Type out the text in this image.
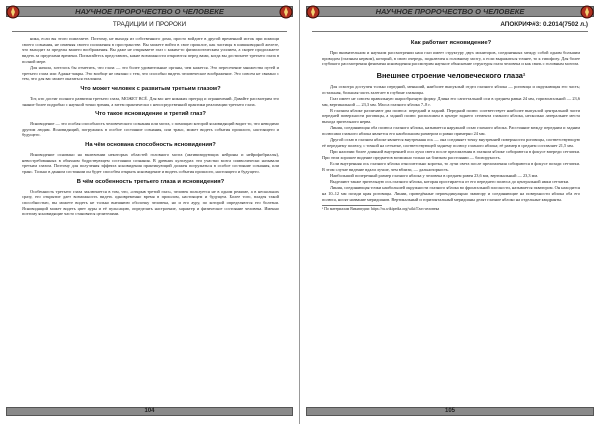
НАУЧНОЕ ПРОРОЧЕСТВО О ЧЕЛОВЕКЕ
ТРАДИЦИИ И ПРОРОКИ

ника, если вы этого пожелаете. Поэтому, не выходя из собственного дома, просто войдите в другой временной исток при помощи своего сознания, не изменяя своего положения в пространстве. Вы можете войти в свое прошлое, как частицы в шишковидной железе, что выходит за пределы вашего воображения. Вы даже не открываете глаз с каким-то физиологическим усилием, а скорее продолжаете видеть за пределами времени. Попытайтесь представить, какие возможности откроются перед вами, когда вы достигнете третьего глаза в полной мере.

Для начала, хотелось бы отметить, что глаза — это более удивительные органы, чем кажется. Это пересечение множества путей и третьего глаза или Аджна-чакры. Это вообще не связано с тем, что способно видеть человеческое воображение. Это совсем не связано с тем, что для вас может оказаться эталоном.

Что может человек с развитым третьим глазом?

Тот, кто достиг полного развития третьего глаза, МОЖЕТ ВСЁ. Для вас нет никаких преград и ограничений. Давайте рассмотрим это знание более подробно с научной точки зрения, а затем практически с непосредственной практики реализации третьего глаза.

Что такое ясновидение и третий глаз?

Ясновидение — это особая способность человеческого сознания или мозга, с помощью которой ясновидящий видит то, что невидимо другим людям. Ясновидящий, погружаясь в особое состояние сознания, или транс, может видеть события прошлого, настоящего и будущего.

На чём основана способность ясновидения?

Ясновидение основано на включении некоторых областей головного мозга (активизирующих нейроны и нейрофибриллы), невостребованных в обычном бодрствующем состоянии сознания. В древних культурах эти участки мозга символически называли третьим глазом. Поэтому для получения эффекта ясновидения практикующий должен погружаться в особое состояние сознания, или транс. Только в данном состоянии он будет способен открыть ясновидение и видеть события прошлого, настоящего и будущего.

В чём особенность третьего глаза и ясновидения?

Особенность третьего глаза заключается в том, что, «открыв третий глаз», человек пользуется не в одном режиме, а в нескольких сразу, его открытие дает возможность видеть одновременно время в прошлом, настоящем и будущем. Более того, владея такой способностью, вы можете видеть не только внешнюю оболочку человека, но и его ауру, по которой определяются его болезни. Ясновидящий может видеть цвет ауры и её пульсацию, определять настроение, характер и физическое состояние человека. Именно поэтому ясновидящие часто становятся целителями.

104
НАУЧНОЕ ПРОРОЧЕСТВО О ЧЕЛОВЕКЕ
АПОКРИФ#3: 0.2014(7502 л.)
Как работает ясновидение?

При внимательном и научном рассмотрении наш глаз имеет структуру двух мониторов, соединенных между собой одним большим проводом (глазным нервом), который, в свою очередь, подключен к головному мозгу, а если выражаться точнее, то к гипофизу. Для более глубокого рассмотрения феномена ясновидения рассмотрим научное объяснение структуры глаза человека и как связь с головным мозгом.

Внешнее строение человеческого глаза¹

Для осмотра доступен только передний, меньший, наиболее выпуклый отдел глазного яблока — роговица и окружающая его часть; остальная, большая часть залегает в глубине глазницы.

Глаз имеет не совсем правильную шарообразную форму. Длина его сагиттальной оси в среднем равна 24 мм, горизонтальной — 23,6 мм, вертикальной — 23,3 мм. Масса глазного яблока 7–8 г.

В глазном яблоке различают два полюса: передний и задний. Передний полюс соответствует наиболее выпуклой центральной части передней поверхности роговицы, а задний полюс расположен в центре заднего сегмента глазного яблока, несколько латеральнее места выхода зрительного нерва.

Линия, соединяющая оба полюса глазного яблока, называется наружной осью глазного яблока. Расстояние между передним и задним полюсами глазного яблока является его наибольшим размером и равно примерно 24 мм.

Другой осью в глазном яблоке является внутренняя ось — она соединяет точку внутренней поверхности роговицы, соответствующую её переднему полюсу, с точкой на сетчатке, соответствующей заднему полюсу глазного яблока; её размер в среднем составляет 21,5 мм.

При наличии более длинной внутренней оси лучи света после преломления в глазном яблоке собираются в фокусе впереди сетчатки. При этом хорошее видение предметов возможно только на близком расстоянии — близорукость.

Если внутренняя ось глазного яблока относительно коротка, то лучи света после преломления собираются в фокусе позади сетчатки. В этом случае видение вдали лучше, чем вблизи, — дальнозоркость.

Наибольший поперечный размер глазного яблока у человека в среднем равен 23,6 мм, вертикальный — 23,3 мм.

Выделяют также зрительную ось глазного яблока, которая простирается от его переднего полюса до центральной ямки сетчатки.

Линия, соединяющая точки наибольшей окружности глазного яблока во фронтальной плоскости, называется экватором. Он находится на 10–12 мм позади края роговицы. Линии, проведённые перпендикулярно экватору и соединяющие на поверхности яблока оба его полюса, носят название меридианов. Вертикальный и горизонтальный меридианы делят глазное яблоко на отдельные квадранты.

¹ По материалам Википедии: https://ru.wikipedia.org/wiki/Глаз человека

105
